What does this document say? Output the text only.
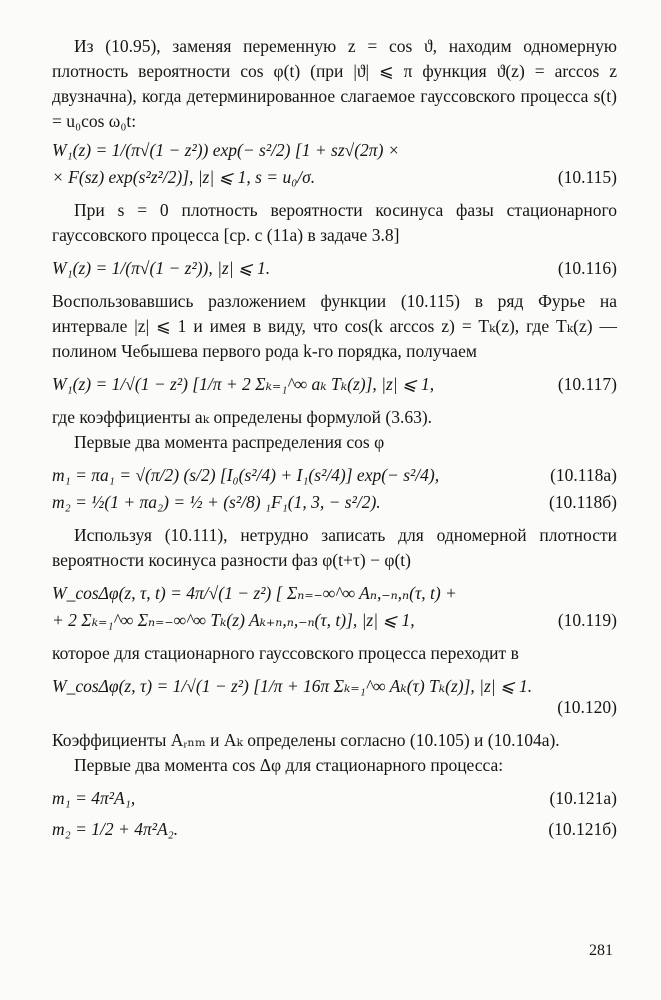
Из (10.95), заменяя переменную z = cos ϑ, находим одномерную плотность вероятности cos φ(t) (при |ϑ| ⩽ π функция ϑ(z) = arccos z двузначна), когда детерминированное слагаемое гауссовского процесса s(t) = u₀cos ω₀t:

W₁(z) = 1/(π√(1 − z²)) exp(− s²/2) [1 + sz√(2π) ×
× F(sz) exp(s²z²/2)], |z| ⩽ 1, s = u₀/σ.	(10.115)

При s = 0 плотность вероятности косинуса фазы стационарного гауссовского процесса [ср. с (11a) в задаче 3.8]

W₁(z) = 1/(π√(1 − z²)), |z| ⩽ 1.	(10.116)

Воспользовавшись разложением функции (10.115) в ряд Фурье на интервале |z| ⩽ 1 и имея в виду, что cos(k arccos z) = Tₖ(z), где Tₖ(z) — полином Чебышева первого рода k-го порядка, получаем

W₁(z) = 1/√(1 − z²) [1/π + 2 Σₖ₌₁^∞ aₖ Tₖ(z)], |z| ⩽ 1,	(10.117)

где коэффициенты aₖ определены формулой (3.63).

Первые два момента распределения cos φ

m₁ = πa₁ = √(π/2) (s/2) [I₀(s²/4) + I₁(s²/4)] exp(− s²/4),	(10.118a)
m₂ = ½(1 + πa₂) = ½ + (s²/8) ₁F₁(1, 3, − s²/2).	(10.118б)

Используя (10.111), нетрудно записать для одномерной плотности вероятности косинуса разности фаз φ(t+τ) − φ(t)

W_cosΔφ(z, τ, t) = 4π/√(1 − z²) [ Σₙ₌₋∞^∞ Aₙ,₋ₙ,ₙ(τ, t) +
+ 2 Σₖ₌₁^∞ Σₙ₌₋∞^∞ Tₖ(z) Aₖ₊ₙ,ₙ,₋ₙ(τ, t)], |z| ⩽ 1,	(10.119)

которое для стационарного гауссовского процесса переходит в

W_cosΔφ(z, τ) = 1/√(1 − z²) [1/π + 16π Σₖ₌₁^∞ Aₖ(τ) Tₖ(z)], |z| ⩽ 1.
(10.120)

Коэффициенты Aᵣₙₘ и Aₖ определены согласно (10.105) и (10.104a).

Первые два момента cos Δφ для стационарного процесса:

m₁ = 4π²A₁,	(10.121a)
m₂ = 1/2 + 4π²A₂.	(10.121б)
281
